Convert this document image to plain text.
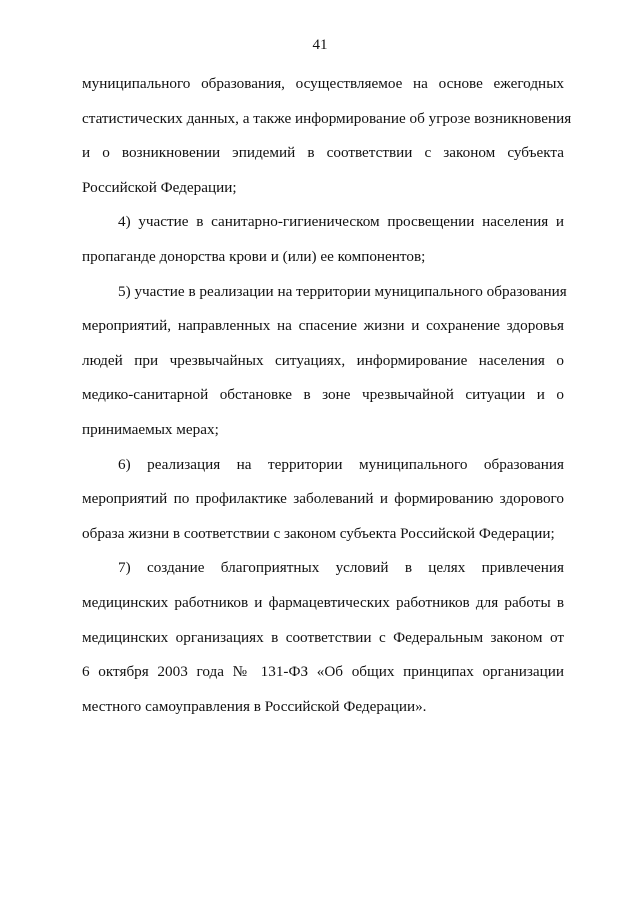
41
муниципального образования, осуществляемое на основе ежегодных
статистических данных, а также информирование об угрозе возникновения
и о возникновении эпидемий в соответствии с законом субъекта
Российской Федерации;
4) участие в санитарно-гигиеническом просвещении населения и
пропаганде донорства крови и (или) ее компонентов;
5) участие в реализации на территории муниципального образования
мероприятий, направленных на спасение жизни и сохранение здоровья
людей при чрезвычайных ситуациях, информирование населения о
медико-санитарной обстановке в зоне чрезвычайной ситуации и о
принимаемых мерах;
6) реализация на территории муниципального образования
мероприятий по профилактике заболеваний и формированию здорового
образа жизни в соответствии с законом субъекта Российской Федерации;
7) создание благоприятных условий в целях привлечения
медицинских работников и фармацевтических работников для работы в
медицинских организациях в соответствии с Федеральным законом от
6 октября 2003 года № 131-ФЗ «Об общих принципах организации
местного самоуправления в Российской Федерации».
